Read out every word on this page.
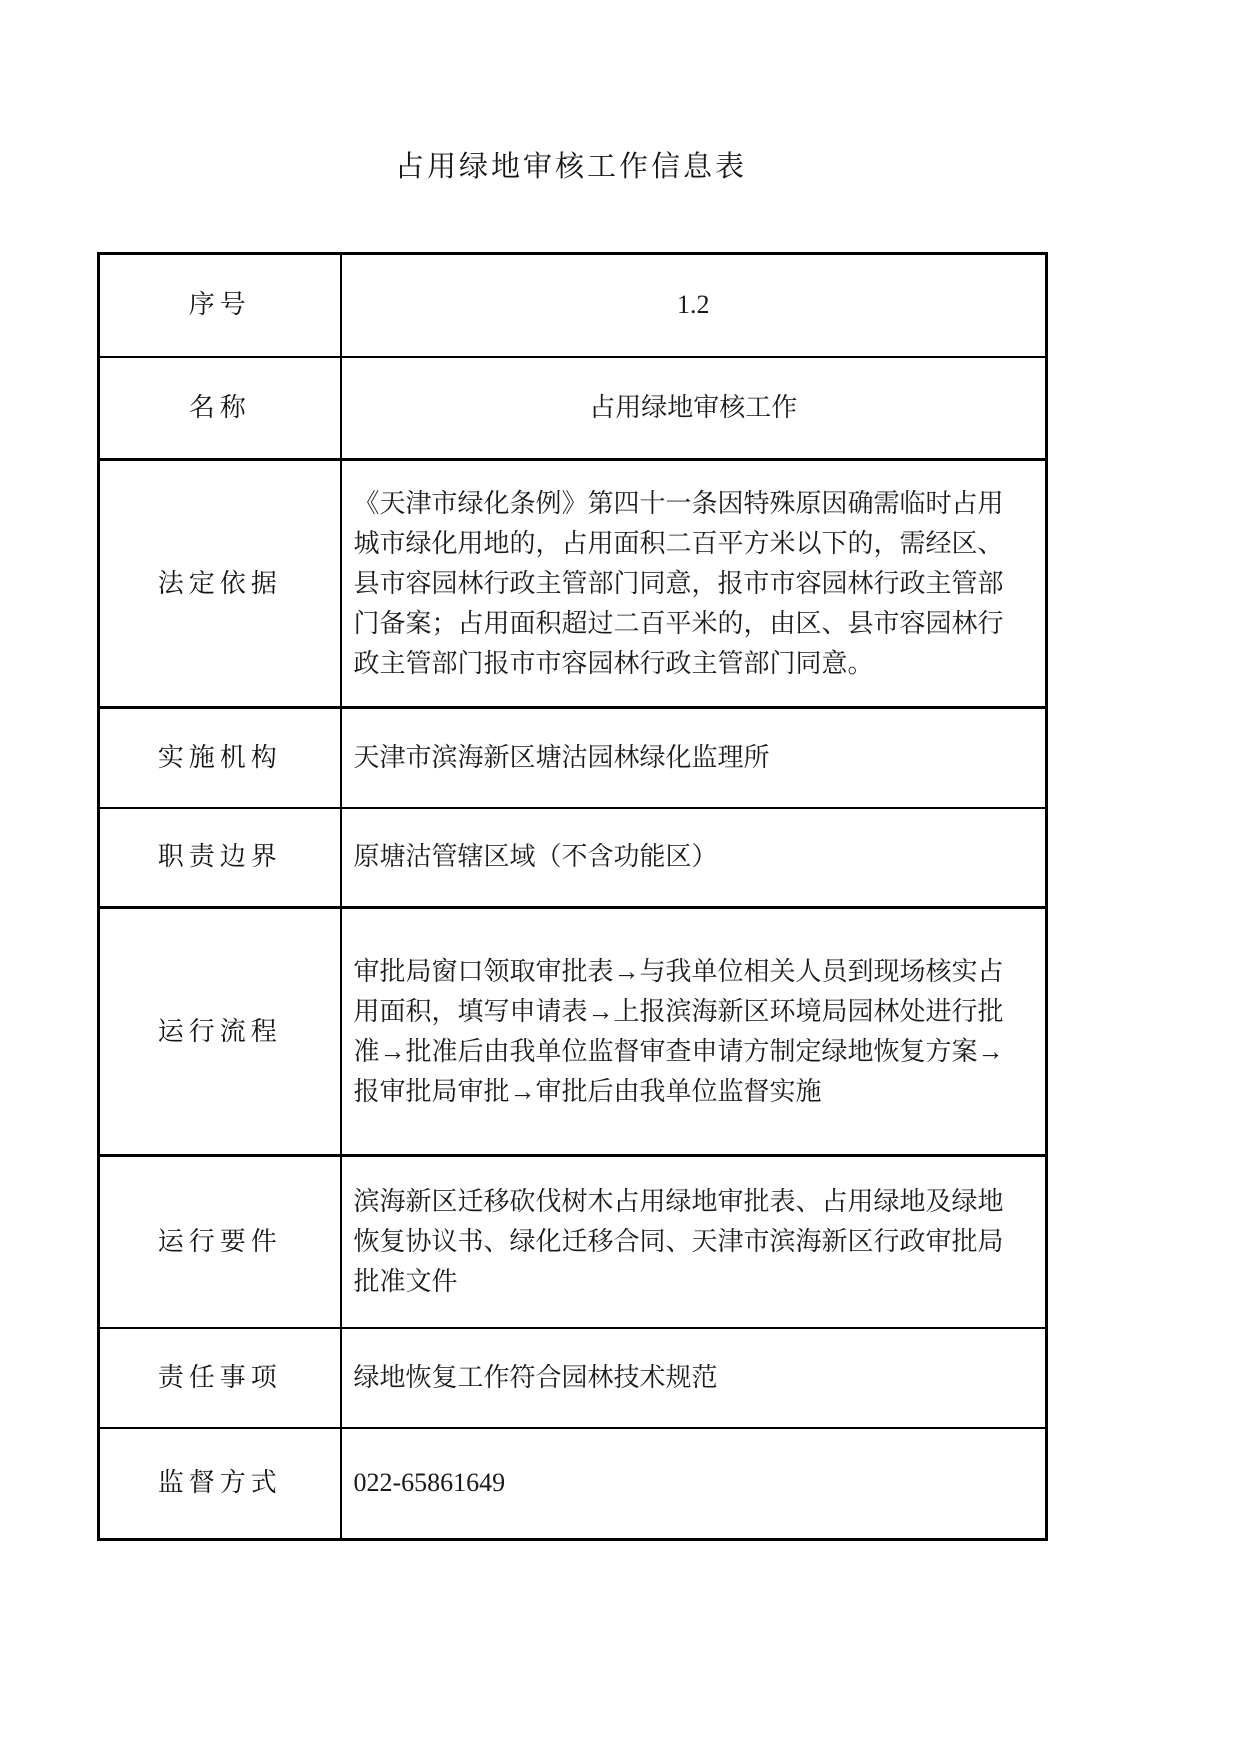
占用绿地审核工作信息表
序号	1.2
名称	占用绿地审核工作
法定依据	《天津市绿化条例》第四十一条因特殊原因确需临时占用城市绿化用地的，占用面积二百平方米以下的，需经区、县市容园林行政主管部门同意，报市市容园林行政主管部门备案；占用面积超过二百平米的，由区、县市容园林行政主管部门报市市容园林行政主管部门同意。
实施机构	天津市滨海新区塘沽园林绿化监理所
职责边界	原塘沽管辖区域（不含功能区）
运行流程	审批局窗口领取审批表→与我单位相关人员到现场核实占用面积，填写申请表→上报滨海新区环境局园林处进行批准→批准后由我单位监督审查申请方制定绿地恢复方案→报审批局审批→审批后由我单位监督实施
运行要件	滨海新区迁移砍伐树木占用绿地审批表、占用绿地及绿地恢复协议书、绿化迁移合同、天津市滨海新区行政审批局批准文件
责任事项	绿地恢复工作符合园林技术规范
监督方式	022-65861649
